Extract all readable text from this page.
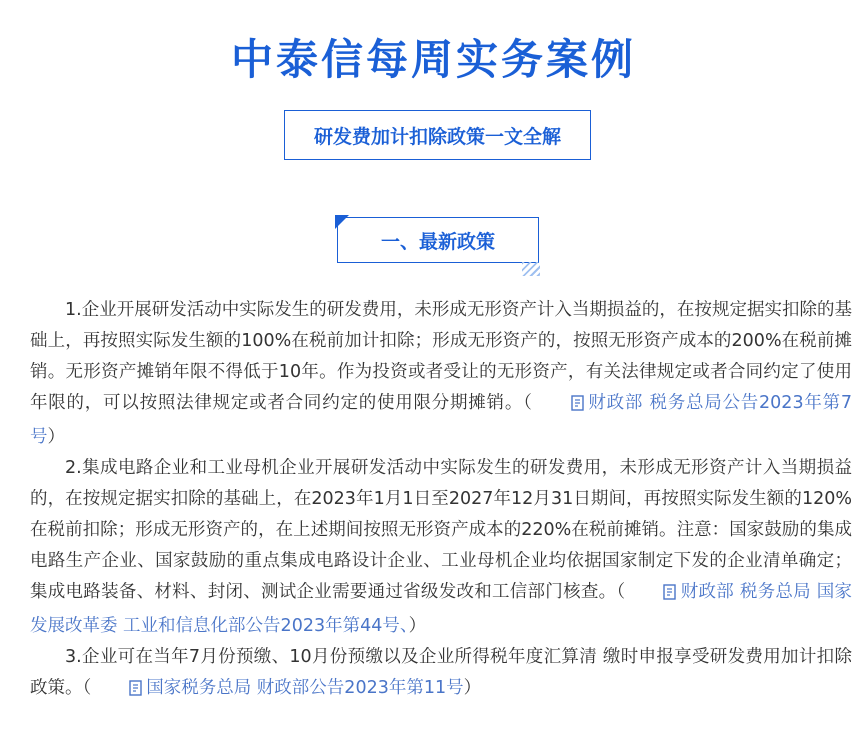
中泰信每周实务案例
研发费加计扣除政策一文全解
一、最新政策

1.企业开展研发活动中实际发生的研发费用，未形成无形资产计入当期损益的，在按规定据实扣除的基础上，再按照实际发生额的100%在税前加计扣除；形成无形资产的，按照无形资产成本的200%在税前摊销。无形资产摊销年限不得低于10年。作为投资或者受让的无形资产，有关法律规定或者合同约定了使用年限的，可以按照法律规定或者合同约定的使用限分期摊销。（	财政部 税务总局公告2023年第7号）

2.集成电路企业和工业母机企业开展研发活动中实际发生的研发费用，未形成无形资产计入当期损益的，在按规定据实扣除的基础上，在2023年1月1日至2027年12月31日期间，再按照实际发生额的120%在税前扣除；形成无形资产的，在上述期间按照无形资产成本的220%在税前摊销。注意：国家鼓励的集成电路生产企业、国家鼓励的重点集成电路设计企业、工业母机企业均依据国家制定下发的企业清单确定；集成电路装备、材料、封闭、测试企业需要通过省级发改和工信部门核查。（	财政部 税务总局 国家发展改革委 工业和信息化部公告2023年第44号、）

3.企业可在当年7月份预缴、10月份预缴以及企业所得税年度汇算清 缴时申报享受研发费用加计扣除政策。（	国家税务总局 财政部公告2023年第11号）
